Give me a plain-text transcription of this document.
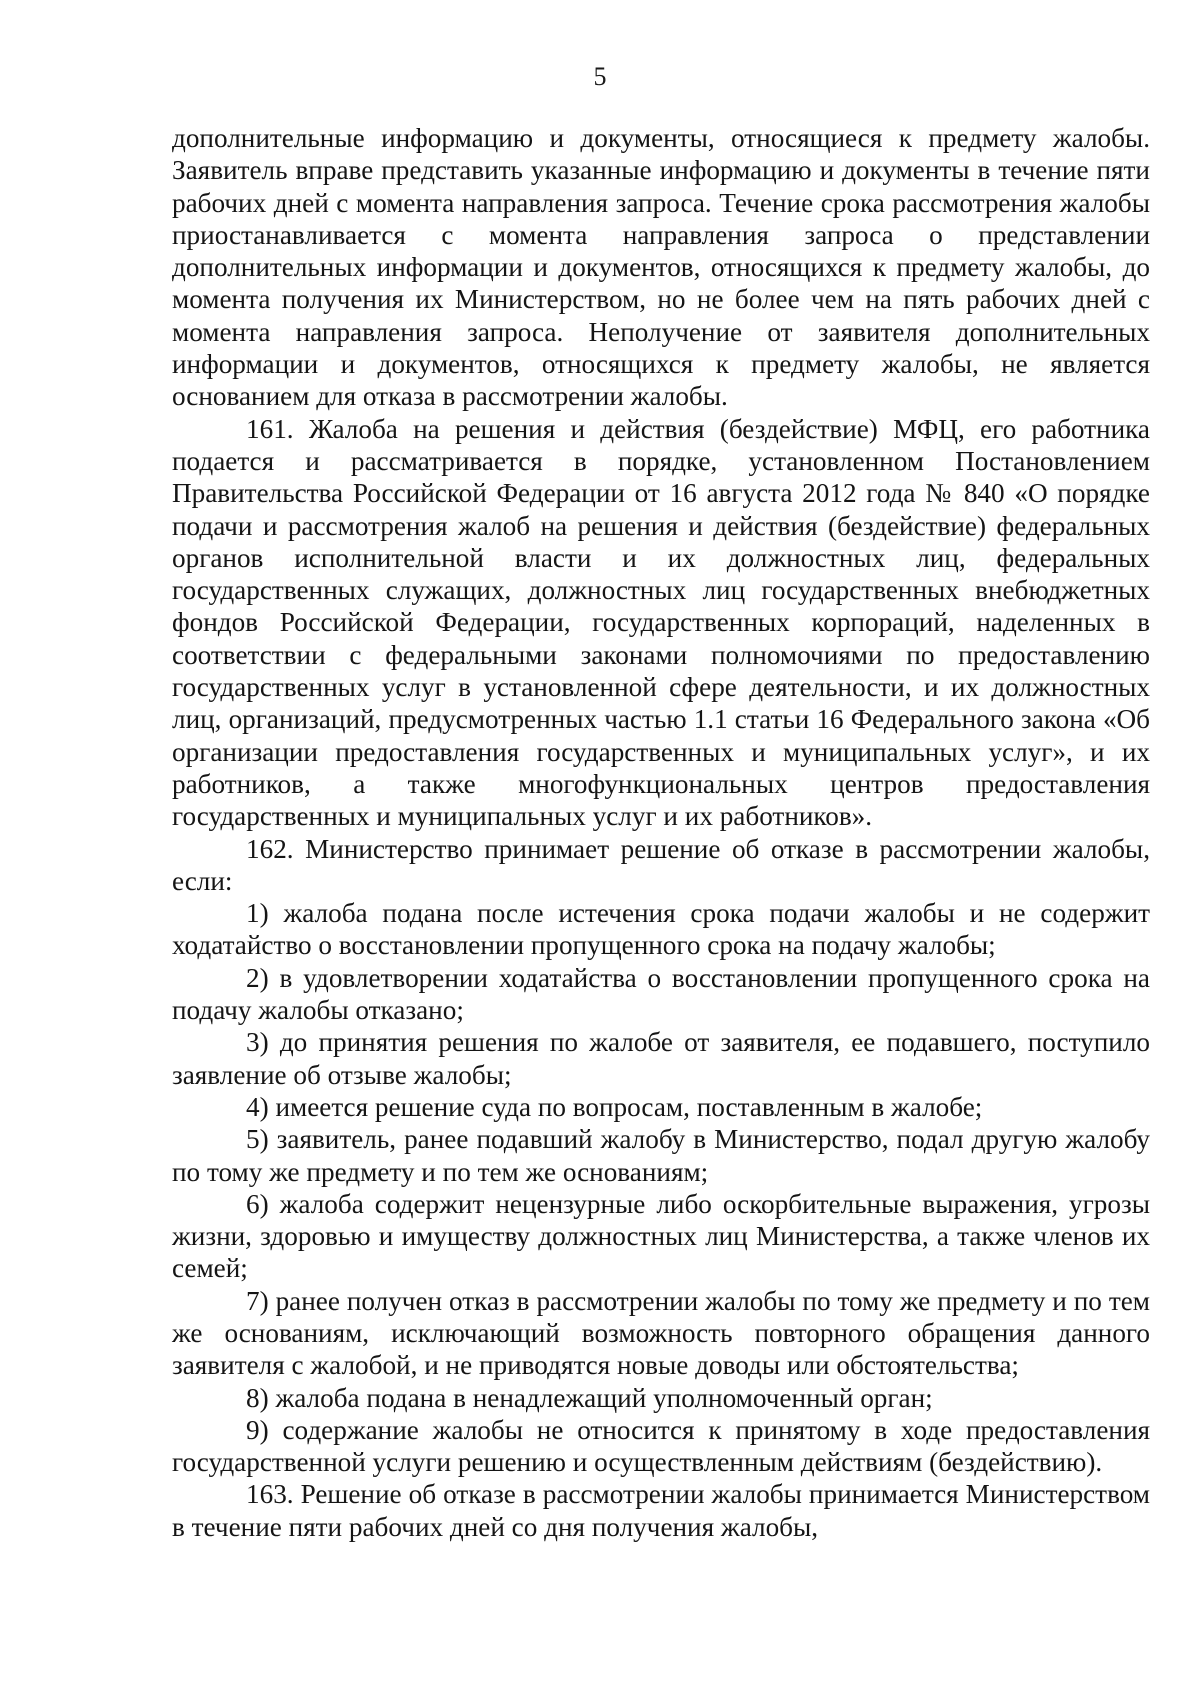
5

дополнительные информацию и документы, относящиеся к предмету жалобы. Заявитель вправе представить указанные информацию и документы в течение пяти рабочих дней с момента направления запроса. Течение срока рассмотрения жалобы приостанавливается с момента направления запроса о представлении дополнительных информации и документов, относящихся к предмету жалобы, до момента получения их Министерством, но не более чем на пять рабочих дней с момента направления запроса. Неполучение от заявителя дополнительных информации и документов, относящихся к предмету жалобы, не является основанием для отказа в рассмотрении жалобы.

161. Жалоба на решения и действия (бездействие) МФЦ, его работника подается и рассматривается в порядке, установленном Постановлением Правительства Российской Федерации от 16 августа 2012 года № 840 «О порядке подачи и рассмотрения жалоб на решения и действия (бездействие) федеральных органов исполнительной власти и их должностных лиц, федеральных государственных служащих, должностных лиц государственных внебюджетных фондов Российской Федерации, государственных корпораций, наделенных в соответствии с федеральными законами полномочиями по предоставлению государственных услуг в установленной сфере деятельности, и их должностных лиц, организаций, предусмотренных частью 1.1 статьи 16 Федерального закона «Об организации предоставления государственных и муниципальных услуг», и их работников, а также многофункциональных центров предоставления государственных и муниципальных услуг и их работников».

162. Министерство принимает решение об отказе в рассмотрении жалобы, если:

1) жалоба подана после истечения срока подачи жалобы и не содержит ходатайство о восстановлении пропущенного срока на подачу жалобы;

2) в удовлетворении ходатайства о восстановлении пропущенного срока на подачу жалобы отказано;

3) до принятия решения по жалобе от заявителя, ее подавшего, поступило заявление об отзыве жалобы;

4) имеется решение суда по вопросам, поставленным в жалобе;

5) заявитель, ранее подавший жалобу в Министерство, подал другую жалобу по тому же предмету и по тем же основаниям;

6) жалоба содержит нецензурные либо оскорбительные выражения, угрозы жизни, здоровью и имуществу должностных лиц Министерства, а также членов их семей;

7) ранее получен отказ в рассмотрении жалобы по тому же предмету и по тем же основаниям, исключающий возможность повторного обращения данного заявителя с жалобой, и не приводятся новые доводы или обстоятельства;

8) жалоба подана в ненадлежащий уполномоченный орган;

9) содержание жалобы не относится к принятому в ходе предоставления государственной услуги решению и осуществленным действиям (бездействию).

163. Решение об отказе в рассмотрении жалобы принимается Министерством в течение пяти рабочих дней со дня получения жалобы,
